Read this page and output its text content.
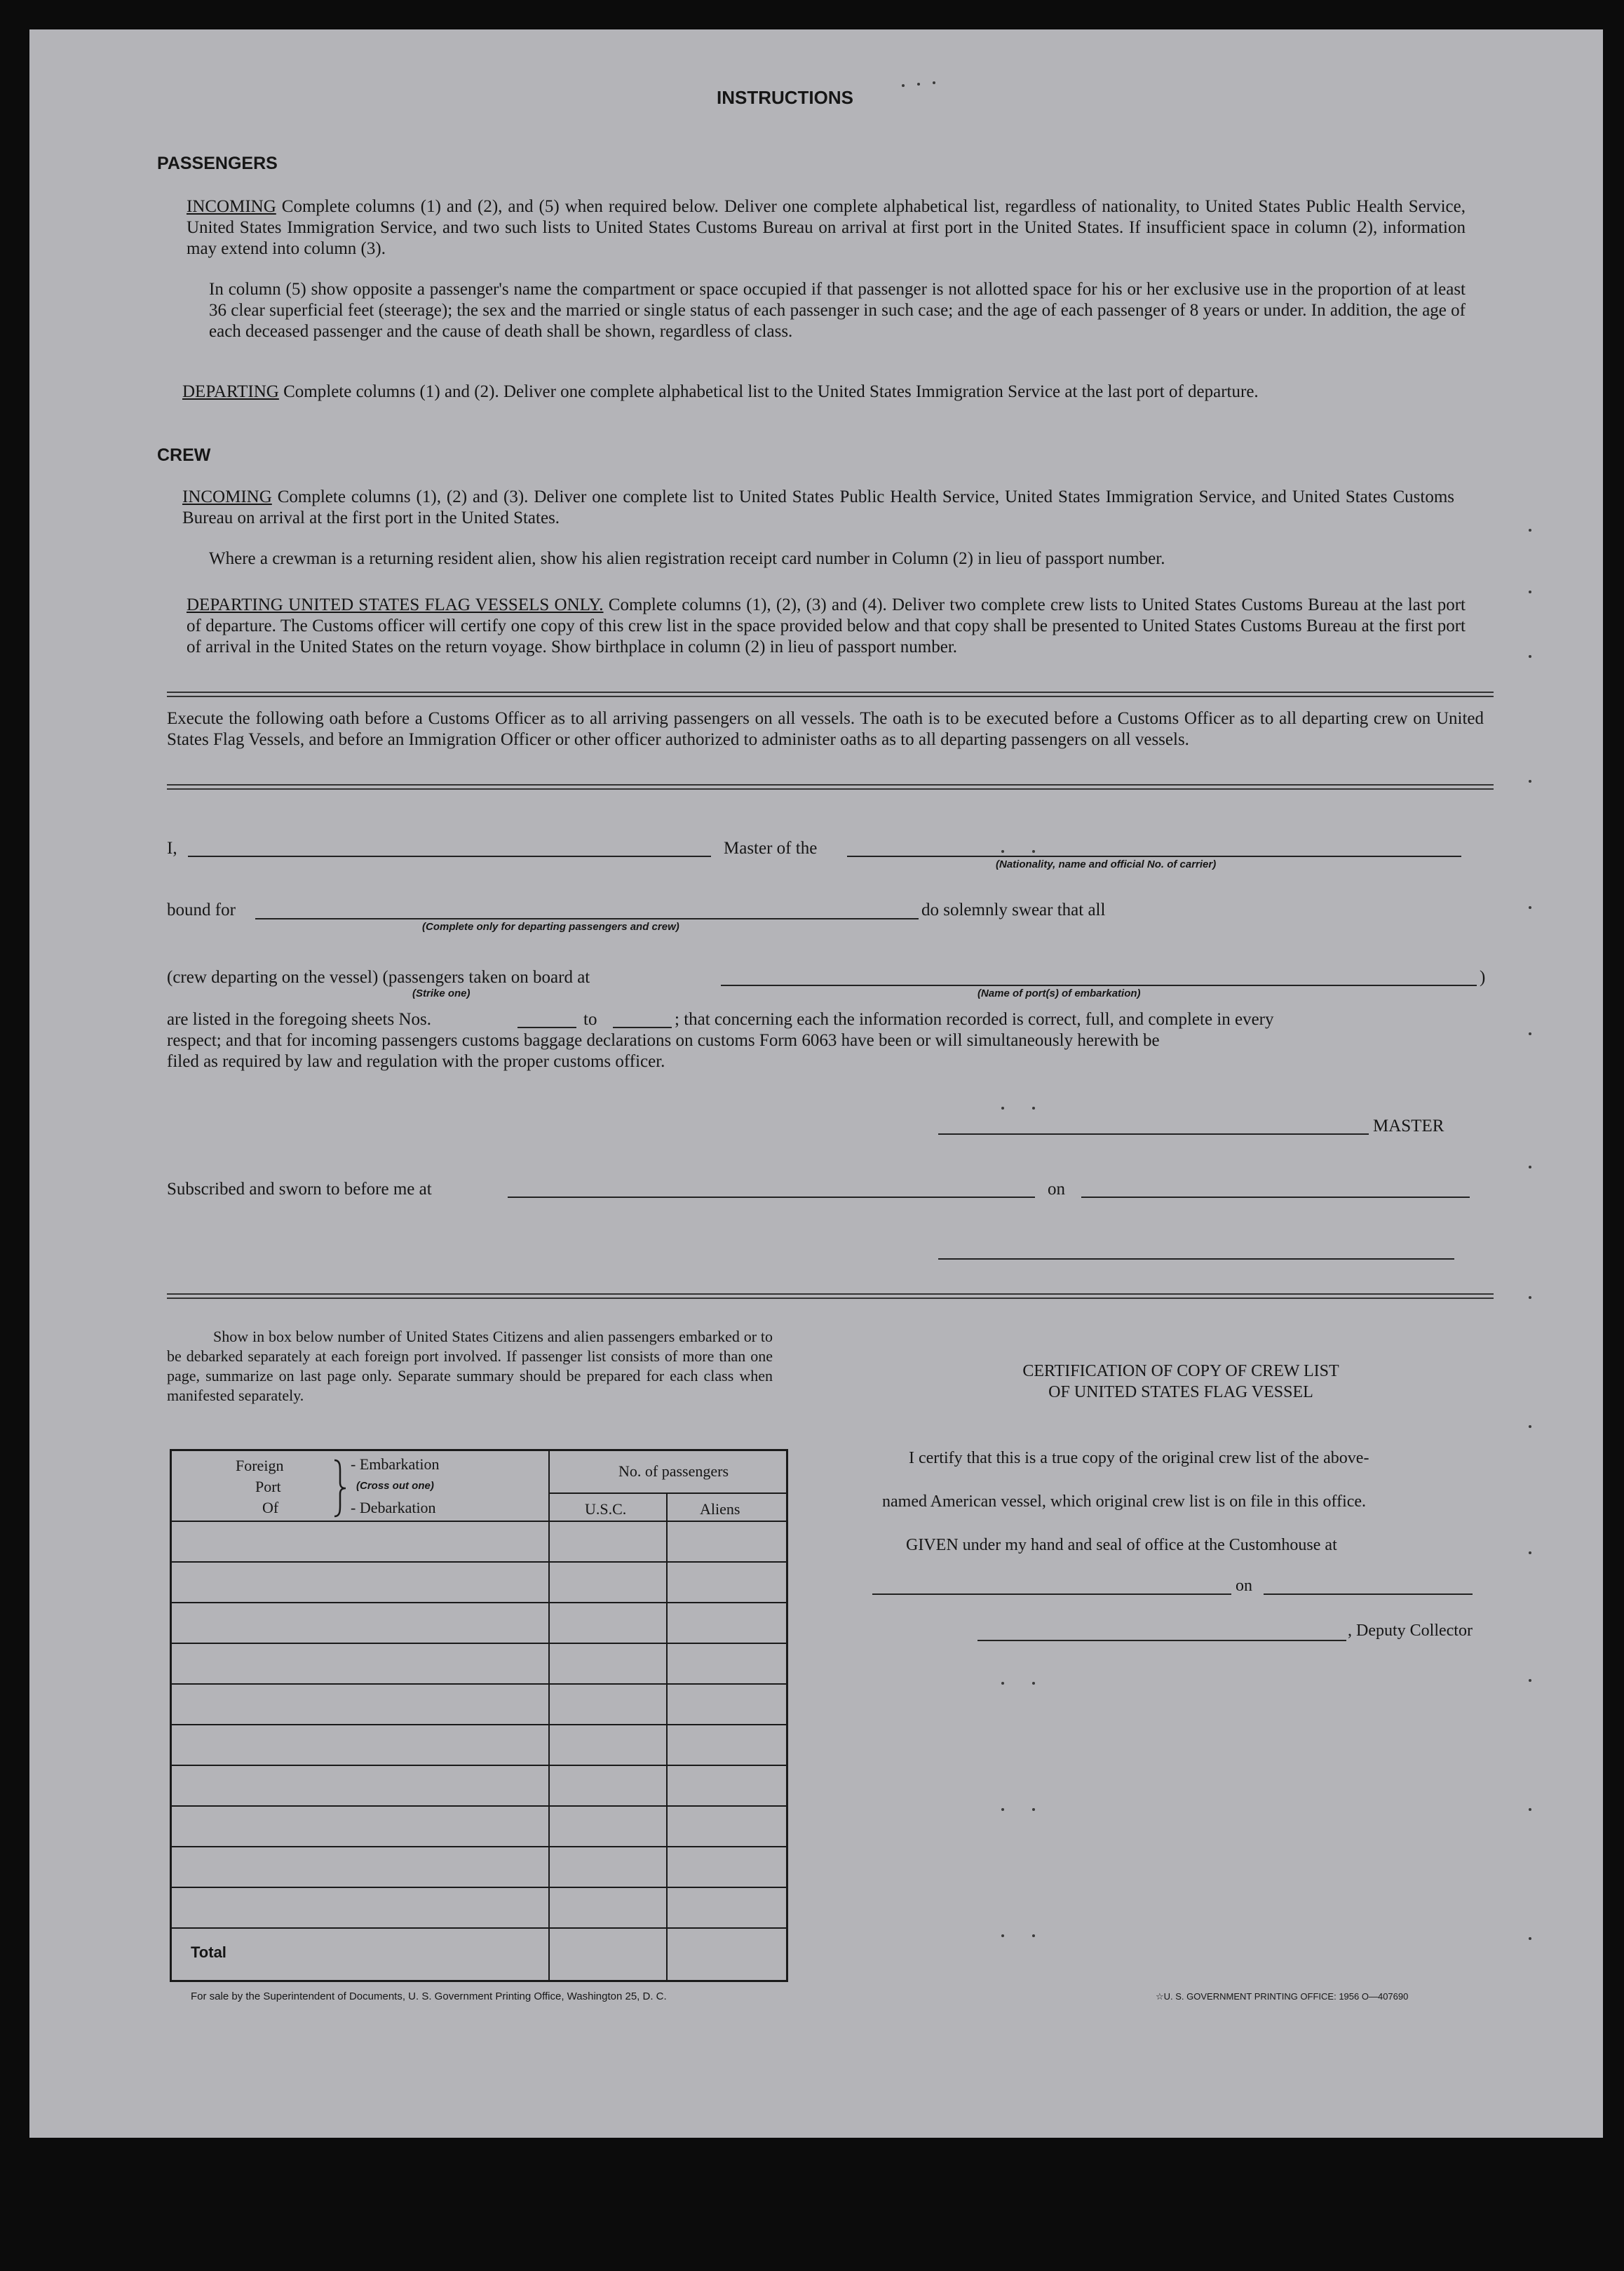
INSTRUCTIONS
PASSENGERS
INCOMING Complete columns (1) and (2), and (5) when required below. Deliver one complete alphabetical list, regardless of nationality, to United States Public Health Service, United States Immigration Service, and two such lists to United States Customs Bureau on arrival at first port in the United States. If insufficient space in column (2), information may extend into column (3).
In column (5) show opposite a passenger's name the compartment or space occupied if that passenger is not allotted space for his or her exclusive use in the proportion of at least 36 clear superficial feet (steerage); the sex and the married or single status of each passenger in such case; and the age of each passenger of 8 years or under. In addition, the age of each deceased passenger and the cause of death shall be shown, regardless of class.
DEPARTING Complete columns (1) and (2). Deliver one complete alphabetical list to the United States Immigration Service at the last port of departure.
CREW
INCOMING Complete columns (1), (2) and (3). Deliver one complete list to United States Public Health Service, United States Immigration Service, and United States Customs Bureau on arrival at the first port in the United States.
Where a crewman is a returning resident alien, show his alien registration receipt card number in Column (2) in lieu of passport number.
DEPARTING UNITED STATES FLAG VESSELS ONLY. Complete columns (1), (2), (3) and (4). Deliver two complete crew lists to United States Customs Bureau at the last port of departure. The Customs officer will certify one copy of this crew list in the space provided below and that copy shall be presented to United States Customs Bureau at the first port of arrival in the United States on the return voyage. Show birthplace in column (2) in lieu of passport number.
Execute the following oath before a Customs Officer as to all arriving passengers on all vessels. The oath is to be executed before a Customs Officer as to all departing crew on United States Flag Vessels, and before an Immigration Officer or other officer authorized to administer oaths as to all departing passengers on all vessels.
I,	Master of the
(Nationality, name and official No. of carrier)
bound for
(Complete only for departing passengers and crew)
do solemnly swear that all
(crew departing on the vessel) (passengers taken on board at	)
(Strike one)	(Name of port(s) of embarkation)
are listed in the foregoing sheets Nos.	to	; that concerning each the information recorded is correct, full, and complete in every
respect; and that for incoming passengers customs baggage declarations on customs Form 6063 have been or will simultaneously herewith be
filed as required by law and regulation with the proper customs officer.
MASTER
Subscribed and sworn to before me at	on
Show in box below number of United States Citizens and alien passengers embarked or to be debarked separately at each foreign port involved. If passenger list consists of more than one page, summarize on last page only. Separate summary should be prepared for each class when manifested separately.
Foreign
Port
Of
- Embarkation
(Cross out one)
- Debarkation
No. of passengers
U.S.C.	Aliens
Total
CERTIFICATION OF COPY OF CREW LIST
OF UNITED STATES FLAG VESSEL
I certify that this is a true copy of the original crew list of the above-
named American vessel, which original crew list is on file in this office.
GIVEN under my hand and seal of office at the Customhouse at
on
, Deputy Collector
For sale by the Superintendent of Documents, U. S. Government Printing Office, Washington 25, D. C.	☆U. S. GOVERNMENT PRINTING OFFICE: 1956 O—407690
